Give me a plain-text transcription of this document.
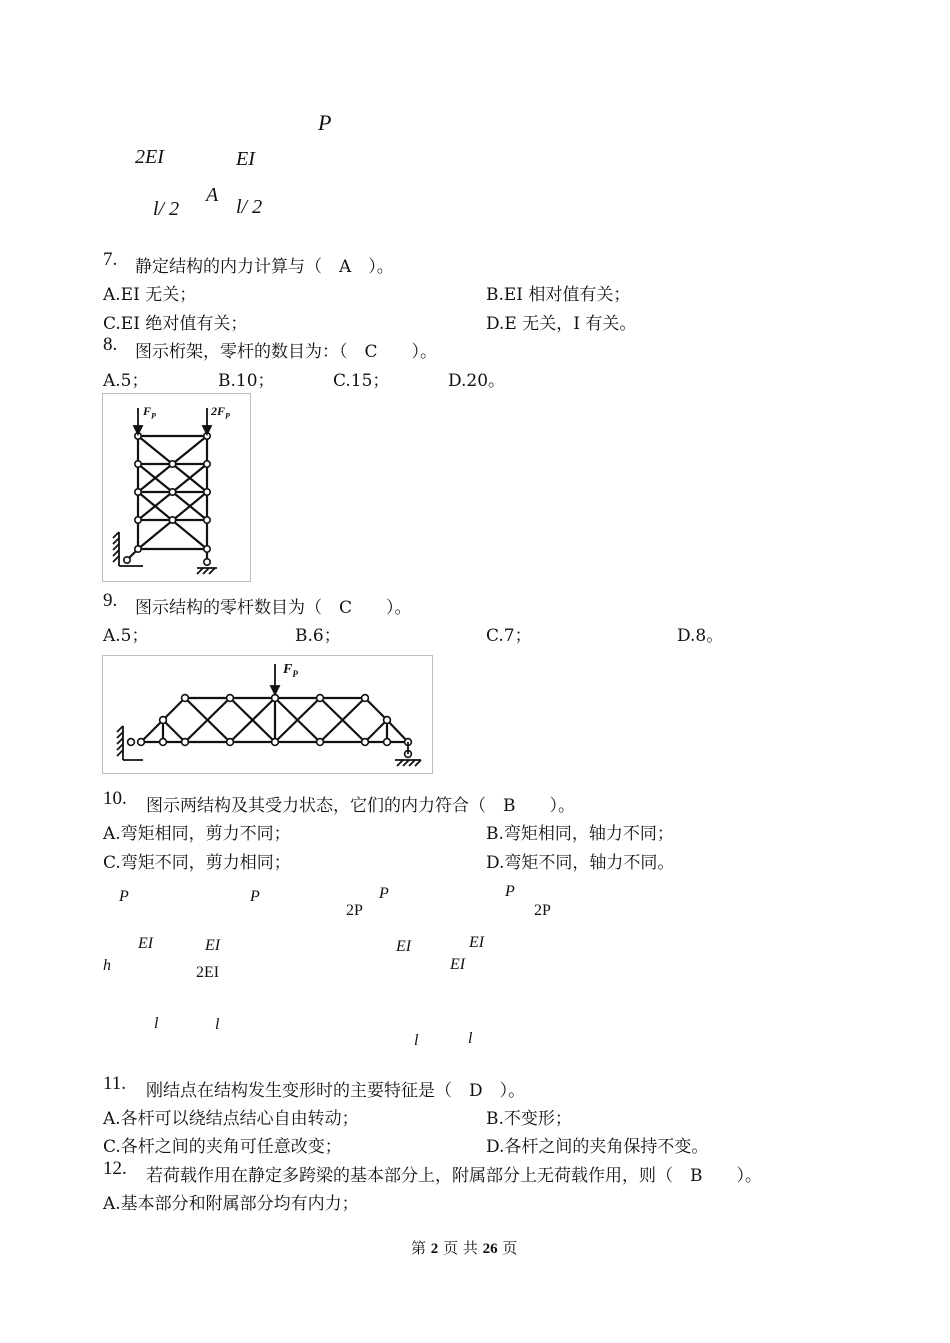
P
2EI	EI
A
l/ 2	l/ 2
7. 静定结构的内力计算与（　A　）。
A.EI 无关；	B.EI 相对值有关；
C.EI 绝对值有关；	D.E 无关，I 有关。
8. 图示桁架，零杆的数目为：（　C　　）。
A.5；	B.10；	C.15；	D.20。
$F_P$	$2F_P$
9. 图示结构的零杆数目为（　C　　）。
A.5；	B.6；	C.7；	D.8。
$F_P$
10. 图示两结构及其受力状态，它们的内力符合（　B　　）。
A.弯矩相同，剪力不同；	B.弯矩相同，轴力不同；
C.弯矩不同，剪力相同；	D.弯矩不同，轴力不同。
P	P
2P
P	P
2P
EI	EI
h	2EI
EI	EI
EI
l	l
l	l
11. 刚结点在结构发生变形时的主要特征是（　D　）。
A.各杆可以绕结点结心自由转动；	B.不变形；
C.各杆之间的夹角可任意改变；	D.各杆之间的夹角保持不变。
12. 若荷载作用在静定多跨梁的基本部分上，附属部分上无荷载作用，则（　B　　）。
A.基本部分和附属部分均有内力；
第 2 页 共 26 页
